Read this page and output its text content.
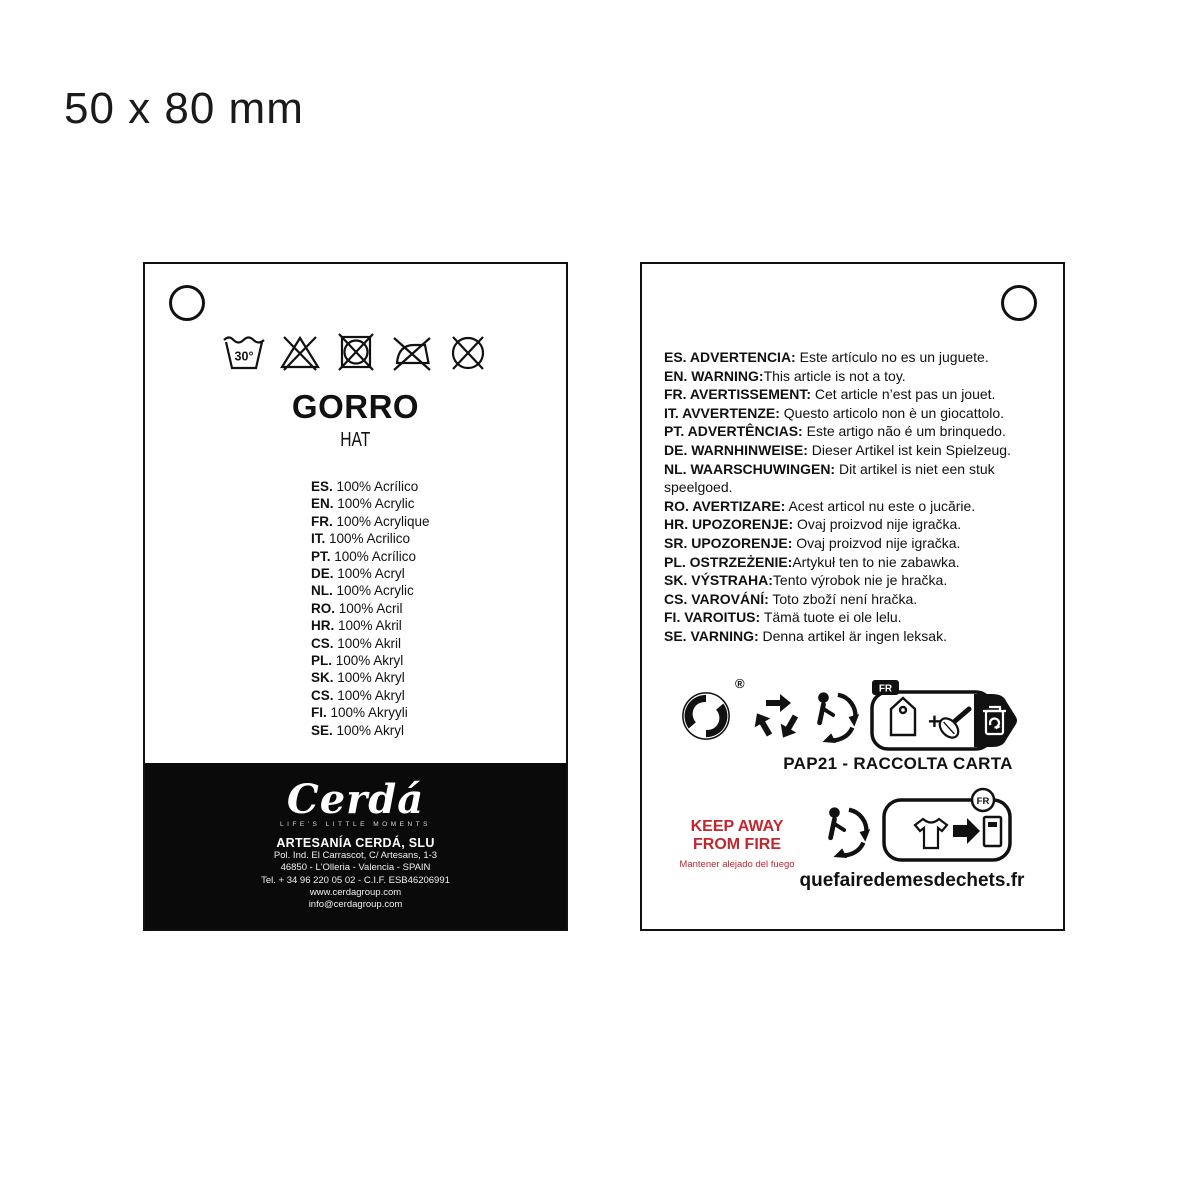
50 x 80 mm
30°
GORRO
HAT
ES. 100% Acrílico
EN. 100% Acrylic
FR. 100% Acrylique
IT. 100% Acrilico
PT. 100% Acrílico
DE. 100% Acryl
NL. 100% Acrylic
RO. 100% Acril
HR. 100% Akril
CS. 100% Akril
PL. 100% Akryl
SK. 100% Akryl
CS. 100% Akryl
FI. 100% Akryyli
SE. 100% Akryl
Cerdá
LIFE'S LITTLE MOMENTS
ARTESANÍA CERDÁ, SLU
Pol. Ind. El Carrascot, C/ Artesans, 1-3
46850 - L'Olleria - Valencia - SPAIN
Tel. + 34 96 220 05 02 - C.I.F. ESB46206991
www.cerdagroup.com
info@cerdagroup.com
ES. ADVERTENCIA: Este artículo no es un juguete.
EN. WARNING:This article is not a toy.
FR. AVERTISSEMENT: Cet article n’est pas un jouet.
IT. AVVERTENZE: Questo articolo non è un giocattolo.
PT. ADVERTÊNCIAS: Este artigo não é um brinquedo.
DE. WARNHINWEISE: Dieser Artikel ist kein Spielzeug.
NL. WAARSCHUWINGEN: Dit artikel is niet een stuk speelgoed.
RO. AVERTIZARE: Acest articol nu este o jucărie.
HR. UPOZORENJE: Ovaj proizvod nije igračka.
SR. UPOZORENJE: Ovaj proizvod nije igračka.
PL. OSTRZEŻENIE:Artykuł ten to nie zabawka.
SK. VÝSTRAHA:Tento výrobok nie je hračka.
CS. VAROVÁNÍ: Toto zboží není hračka.
FI. VAROITUS: Tämä tuote ei ole lelu.
SE. VARNING: Denna artikel är ingen leksak.
®	FR
+
PAP21 - RACCOLTA CARTA
FR
KEEP AWAY
FROM FIRE
Mantener alejado del fuego
quefairedemesdechets.fr
